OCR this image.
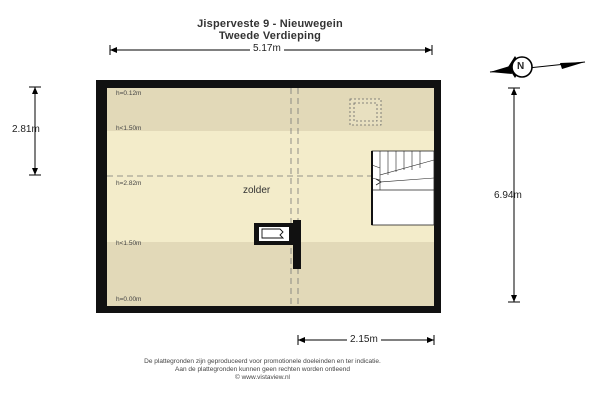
Jisperveste 9 - Nieuwegein
Tweede Verdieping
N
5.17m
2.81m
6.94m
2.15m
h=0.12m
h<1.50m
h=2.82m
h<1.50m
h=0.00m
zolder
De plattegronden zijn geproduceerd voor promotionele doeleinden en ter indicatie.
Aan de plattegronden kunnen geen rechten worden ontleend
© www.vistaview.nl
